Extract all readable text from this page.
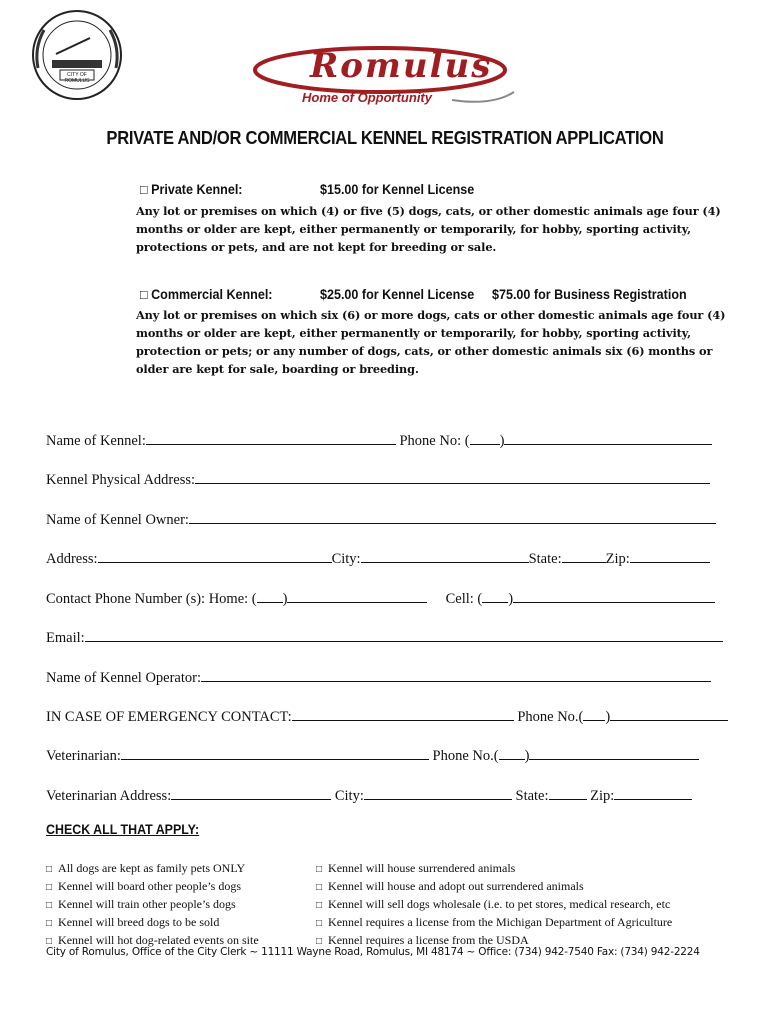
CITY OF ROMULUS	Romulus
Home of Opportunity
PRIVATE AND/OR COMMERCIAL KENNEL REGISTRATION APPLICATION
□ Private Kennel:	$15.00 for Kennel License
Any lot or premises on which (4) or five (5) dogs, cats, or other domestic animals age four (4) months or older are kept, either permanently or temporarily, for hobby, sporting activity, protections or pets, and are not kept for breeding or sale.
□ Commercial Kennel:	$25.00 for Kennel License $75.00 for Business Registration
Any lot or premises on which six (6) or more dogs, cats or other domestic animals age four (4) months or older are kept, either permanently or temporarily, for hobby, sporting activity, protection or pets; or any number of dogs, cats, or other domestic animals six (6) months or older are kept for sale, boarding or breeding.
Name of Kennel:	Phone No: ( )
Kennel Physical Address:
Name of Kennel Owner:
Address:	City:	State:	Zip:
Contact Phone Number (s): Home: ( )	Cell: ( )
Email:
Name of Kennel Operator:
IN CASE OF EMERGENCY CONTACT:	Phone No.( )
Veterinarian:	Phone No.( )
Veterinarian Address:	City:	State:	Zip:
CHECK ALL THAT APPLY:
□ All dogs are kept as family pets ONLY
□ Kennel will board other people’s dogs
□ Kennel will train other people’s dogs
□ Kennel will breed dogs to be sold
□ Kennel will hot dog-related events on site
□ Kennel will house surrendered animals
□ Kennel will house and adopt out surrendered animals
□ Kennel will sell dogs wholesale (i.e. to pet stores, medical research, etc
□ Kennel requires a license from the Michigan Department of Agriculture
□ Kennel requires a license from the USDA
City of Romulus, Office of the City Clerk ~ 11111 Wayne Road, Romulus, MI 48174 ~ Office: (734) 942-7540 Fax: (734) 942-2224
